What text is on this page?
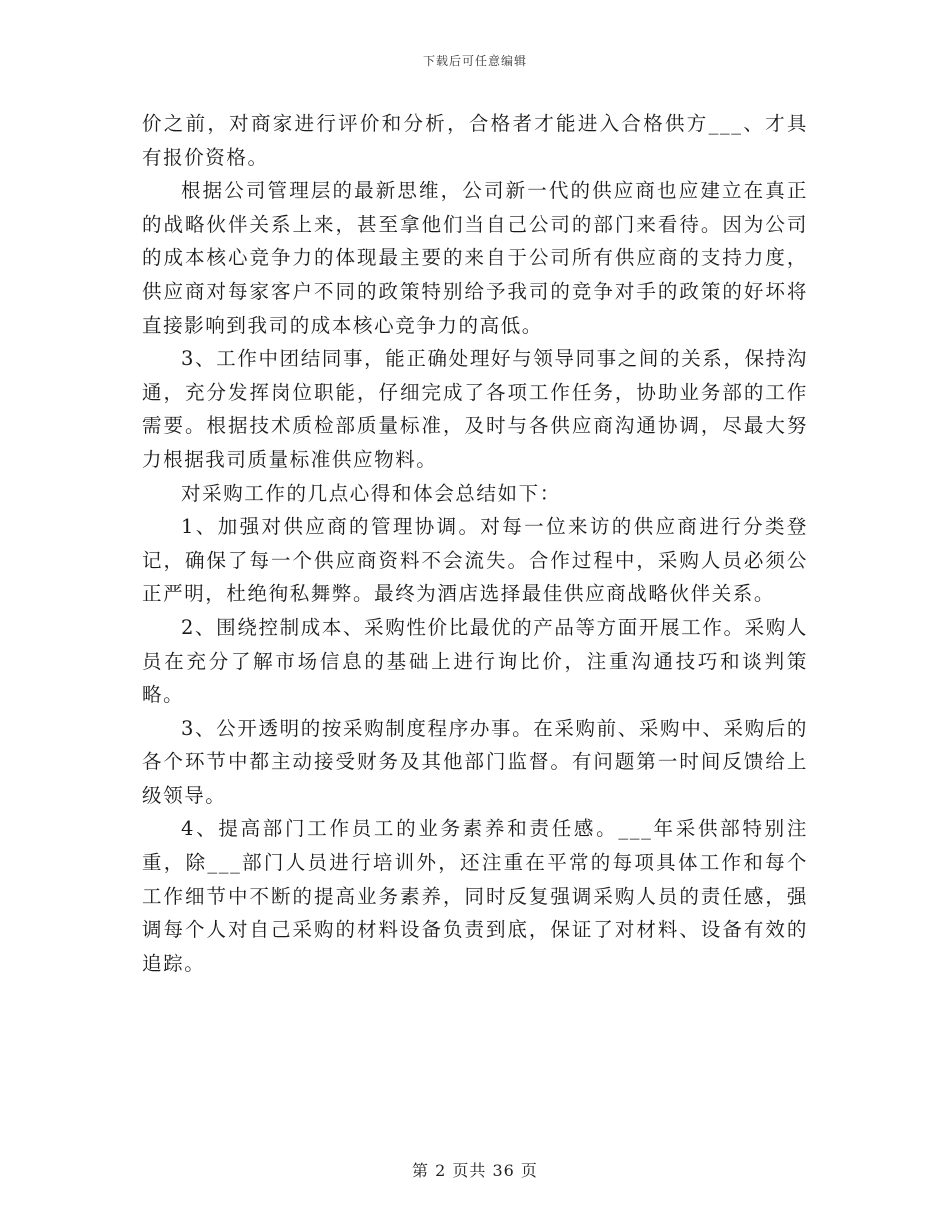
下载后可任意编辑

价之前，对商家进行评价和分析，合格者才能进入合格供方___、才具有报价资格。

根据公司管理层的最新思维，公司新一代的供应商也应建立在真正的战略伙伴关系上来，甚至拿他们当自己公司的部门来看待。因为公司的成本核心竞争力的体现最主要的来自于公司所有供应商的支持力度，供应商对每家客户不同的政策特别给予我司的竞争对手的政策的好坏将直接影响到我司的成本核心竞争力的高低。

3、工作中团结同事，能正确处理好与领导同事之间的关系，保持沟通，充分发挥岗位职能，仔细完成了各项工作任务，协助业务部的工作需要。根据技术质检部质量标准，及时与各供应商沟通协调，尽最大努力根据我司质量标准供应物料。

对采购工作的几点心得和体会总结如下：

1、加强对供应商的管理协调。对每一位来访的供应商进行分类登记，确保了每一个供应商资料不会流失。合作过程中，采购人员必须公正严明，杜绝徇私舞弊。最终为酒店选择最佳供应商战略伙伴关系。

2、围绕控制成本、采购性价比最优的产品等方面开展工作。采购人员在充分了解市场信息的基础上进行询比价，注重沟通技巧和谈判策略。

3、公开透明的按采购制度程序办事。在采购前、采购中、采购后的各个环节中都主动接受财务及其他部门监督。有问题第一时间反馈给上级领导。

4、提高部门工作员工的业务素养和责任感。___年采供部特别注重，除___部门人员进行培训外，还注重在平常的每项具体工作和每个工作细节中不断的提高业务素养，同时反复强调采购人员的责任感，强调每个人对自己采购的材料设备负责到底，保证了对材料、设备有效的追踪。

第 2 页共 36 页
